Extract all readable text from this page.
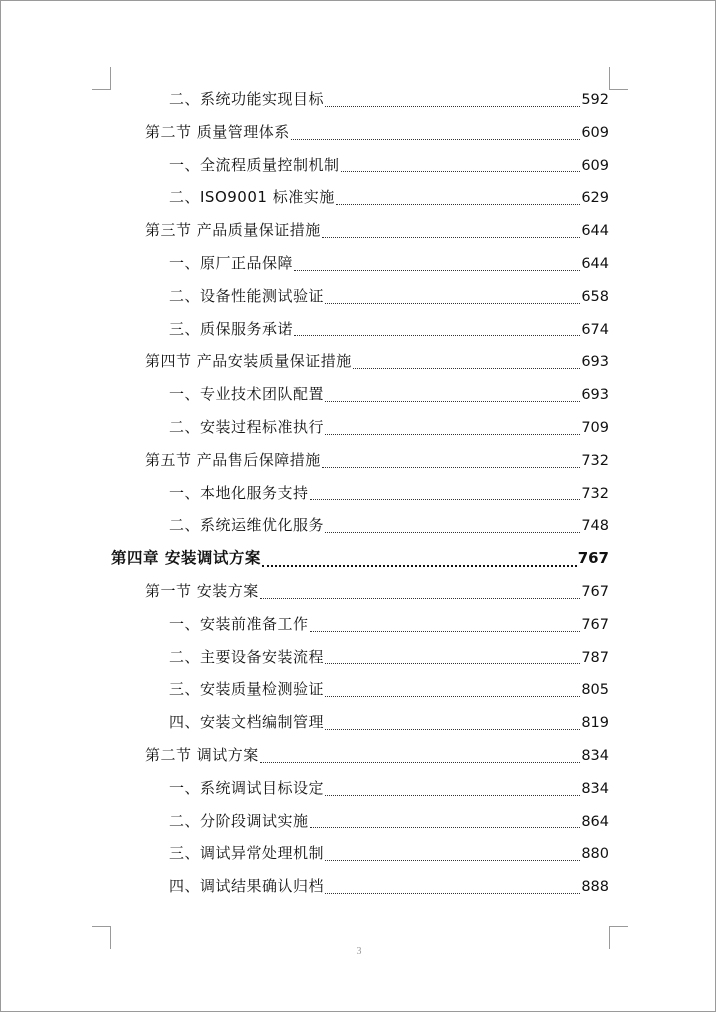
二、系统功能实现目标	592
第二节 质量管理体系	609
一、全流程质量控制机制	609
二、ISO9001 标准实施	629
第三节 产品质量保证措施	644
一、原厂正品保障	644
二、设备性能测试验证	658
三、质保服务承诺	674
第四节 产品安装质量保证措施	693
一、专业技术团队配置	693
二、安装过程标准执行	709
第五节 产品售后保障措施	732
一、本地化服务支持	732
二、系统运维优化服务	748
第四章 安装调试方案	767
第一节 安装方案	767
一、安装前准备工作	767
二、主要设备安装流程	787
三、安装质量检测验证	805
四、安装文档编制管理	819
第二节 调试方案	834
一、系统调试目标设定	834
二、分阶段调试实施	864
三、调试异常处理机制	880
四、调试结果确认归档	888
3
